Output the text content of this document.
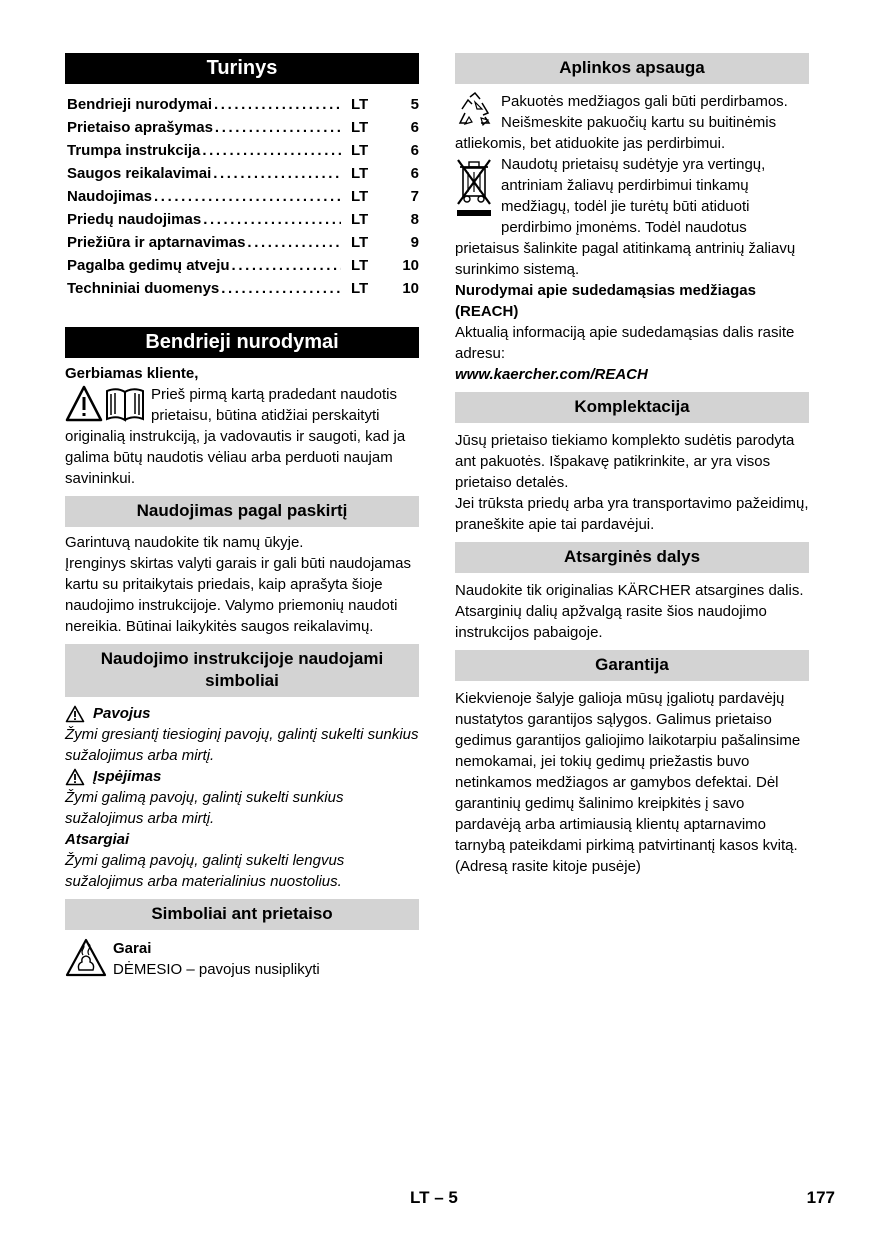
Turinys
Bendrieji nurodymai .....	LT	5
Prietaiso aprašymas .....	LT	6
Trumpa instrukcija .....	LT	6
Saugos reikalavimai .....	LT	6
Naudojimas .....	LT	7
Priedų naudojimas .....	LT	8
Priežiūra ir aptarnavimas .....	LT	9
Pagalba gedimų atveju .....	LT	10
Techniniai duomenys .....	LT	10
Bendrieji nurodymai

Gerbiamas kliente,

Prieš pirmą kartą pradedant naudotis prietaisu, būtina atidžiai perskaityti originalią instrukciją, ja vadovautis ir saugoti, kad ja galima būtų naudotis vėliau arba perduoti naujam savininkui.

Naudojimas pagal paskirtį

Garintuvą naudokite tik namų ūkyje.

Įrenginys skirtas valyti garais ir gali būti naudojamas kartu su pritaikytais priedais, kaip aprašyta šioje naudojimo instrukcijoje. Valymo priemonių naudoti nereikia. Būtinai laikykitės saugos reikalavimų.

Naudojimo instrukcijoje naudojami simboliai
Pavojus

Žymi gresiantį tiesioginį pavojų, galintį sukelti sunkius sužalojimus arba mirtį.

Įspėjimas

Žymi galimą pavojų, galintį sukelti sunkius sužalojimus arba mirtį.

Atsargiai

Žymi galimą pavojų, galintį sukelti lengvus sužalojimus arba materialinius nuostolius.

Simboliai ant prietaiso

Garai

DĖMESIO – pavojus nusiplikyti

Aplinkos apsauga

Pakuotės medžiagos gali būti perdirbamos. Neišmeskite pakuočių kartu su buitinėmis atliekomis, bet atiduokite jas perdirbimui.

Naudotų prietaisų sudėtyje yra vertingų, antriniam žaliavų perdirbimui tinkamų medžiagų, todėl jie turėtų būti atiduoti perdirbimo įmonėms. Todėl naudotus prietaisus šalinkite pagal atitinkamą antrinių žaliavų surinkimo sistemą.

Nurodymai apie sudedamąsias medžiagas (REACH)

Aktualią informaciją apie sudedamąsias dalis rasite adresu:

www.kaercher.com/REACH

Komplektacija

Jūsų prietaiso tiekiamo komplekto sudėtis parodyta ant pakuotės. Išpakavę patikrinkite, ar yra visos prietaiso detalės.

Jei trūksta priedų arba yra transportavimo pažeidimų, praneškite apie tai pardavėjui.

Atsarginės dalys

Naudokite tik originalias KÄRCHER atsargines dalis. Atsarginių dalių apžvalgą rasite šios naudojimo instrukcijos pabaigoje.

Garantija

Kiekvienoje šalyje galioja mūsų įgaliotų pardavėjų nustatytos garantijos sąlygos. Galimus prietaiso gedimus garantijos galiojimo laikotarpiu pašalinsime nemokamai, jei tokių gedimų priežastis buvo netinkamos medžiagos ar gamybos defektai. Dėl garantinių gedimų šalinimo kreipkitės į savo pardavėją arba artimiausią klientų aptarnavimo tarnybą pateikdami pirkimą patvirtinantį kasos kvitą.

(Adresą rasite kitoje pusėje)

LT – 5	177
